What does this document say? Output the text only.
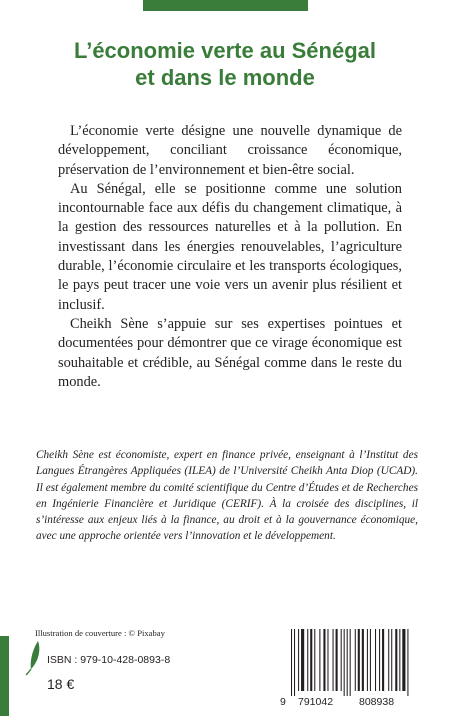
L’économie verte au Sénégal
et dans le monde

L’économie verte désigne une nouvelle dynamique de développement, conciliant croissance économique, préservation de l’environnement et bien-être social.

Au Sénégal, elle se positionne comme une solution incontournable face aux défis du changement climatique, à la gestion des ressources naturelles et à la pollution. En investissant dans les énergies renouvelables, l’agriculture durable, l’économie circulaire et les transports écologiques, le pays peut tracer une voie vers un avenir plus résilient et inclusif.

Cheikh Sène s’appuie sur ses expertises pointues et documentées pour démontrer que ce virage économique est souhaitable et crédible, au Sénégal comme dans le reste du monde.

Cheikh Sène est économiste, expert en finance privée, enseignant à l’Institut des Langues Étrangères Appliquées (ILEA) de l’Université Cheikh Anta Diop (UCAD). Il est également membre du comité scientifique du Centre d’Études et de Recherches en Ingénierie Financière et Juridique (CERIF). À la croisée des disciplines, il s’intéresse aux enjeux liés à la finance, au droit et à la gouvernance économique, avec une approche orientée vers l’innovation et le développement.

Illustration de couverture : © Pixabay
ISBN : 979-10-428-0893-8
18 €
9 791042 808938
